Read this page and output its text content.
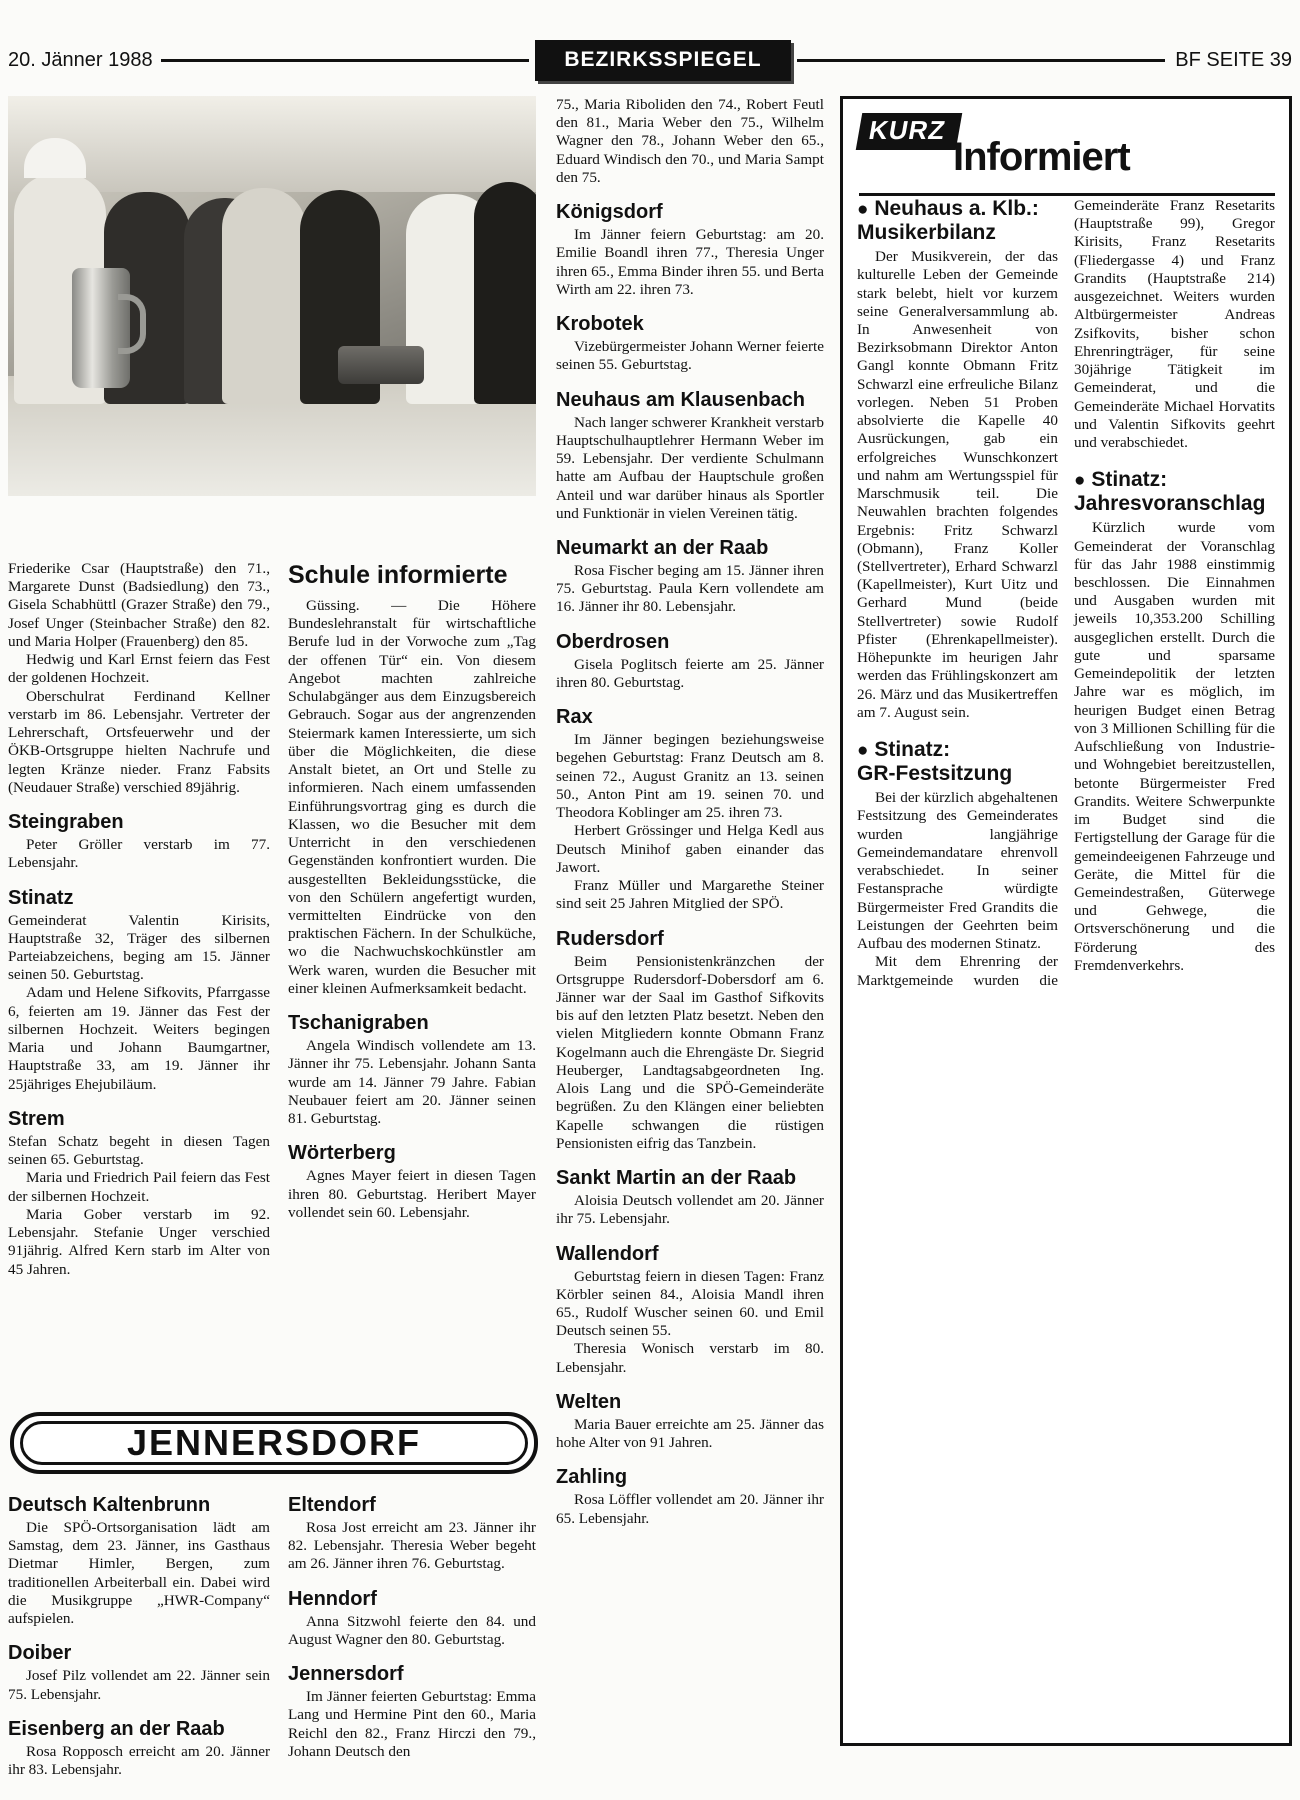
20. Jänner 1988	BEZIRKSSPIEGEL	BF SEITE 39

Friederike Csar (Hauptstraße) den 71., Margarete Dunst (Badsiedlung) den 73., Gisela Schabhüttl (Grazer Straße) den 79., Josef Unger (Steinbacher Straße) den 82. und Maria Holper (Frauenberg) den 85.

Hedwig und Karl Ernst feiern das Fest der goldenen Hochzeit.

Oberschulrat Ferdinand Kellner verstarb im 86. Lebensjahr. Vertreter der Lehrerschaft, Ortsfeuerwehr und der ÖKB-Ortsgruppe hielten Nachrufe und legten Kränze nieder. Franz Fabsits (Neudauer Straße) verschied 89jährig.

Steingraben

Peter Gröller verstarb im 77. Lebensjahr.

Stinatz

Gemeinderat Valentin Kirisits, Hauptstraße 32, Träger des silbernen Parteiabzeichens, beging am 15. Jänner seinen 50. Geburtstag.

Adam und Helene Sifkovits, Pfarrgasse 6, feierten am 19. Jänner das Fest der silbernen Hochzeit. Weiters begingen Maria und Johann Baumgartner, Hauptstraße 33, am 19. Jänner ihr 25jähriges Ehejubiläum.

Strem

Stefan Schatz begeht in diesen Tagen seinen 65. Geburtstag.

Maria und Friedrich Pail feiern das Fest der silbernen Hochzeit.

Maria Gober verstarb im 92. Lebensjahr. Stefanie Unger verschied 91jährig. Alfred Kern starb im Alter von 45 Jahren.

Schule informierte

Güssing. — Die Höhere Bundeslehranstalt für wirtschaftliche Berufe lud in der Vorwoche zum „Tag der offenen Tür“ ein. Von diesem Angebot machten zahlreiche Schulabgänger aus dem Einzugsbereich Gebrauch. Sogar aus der angrenzenden Steiermark kamen Interessierte, um sich über die Möglichkeiten, die diese Anstalt bietet, an Ort und Stelle zu informieren. Nach einem umfassenden Einführungsvortrag ging es durch die Klassen, wo die Besucher mit dem Unterricht in den verschiedenen Gegenständen konfrontiert wurden. Die ausgestellten Bekleidungsstücke, die von den Schülern angefertigt wurden, vermittelten Eindrücke von den praktischen Fächern. In der Schulküche, wo die Nachwuchskochkünstler am Werk waren, wurden die Besucher mit einer kleinen Aufmerksamkeit bedacht.

Tschanigraben

Angela Windisch vollendete am 13. Jänner ihr 75. Lebensjahr. Johann Santa wurde am 14. Jänner 79 Jahre. Fabian Neubauer feiert am 20. Jänner seinen 81. Geburtstag.

Wörterberg

Agnes Mayer feiert in diesen Tagen ihren 80. Geburtstag. Heribert Mayer vollendet sein 60. Lebensjahr.

75., Maria Riboliden den 74., Robert Feutl den 81., Maria Weber den 75., Wilhelm Wagner den 78., Johann Weber den 65., Eduard Windisch den 70., und Maria Sampt den 75.

Königsdorf

Im Jänner feiern Geburtstag: am 20. Emilie Boandl ihren 77., Theresia Unger ihren 65., Emma Binder ihren 55. und Berta Wirth am 22. ihren 73.

Krobotek

Vizebürgermeister Johann Werner feierte seinen 55. Geburtstag.

Neuhaus am Klausenbach

Nach langer schwerer Krankheit verstarb Hauptschulhauptlehrer Hermann Weber im 59. Lebensjahr. Der verdiente Schulmann hatte am Aufbau der Hauptschule großen Anteil und war darüber hinaus als Sportler und Funktionär in vielen Vereinen tätig.

Neumarkt an der Raab

Rosa Fischer beging am 15. Jänner ihren 75. Geburtstag. Paula Kern vollendete am 16. Jänner ihr 80. Lebensjahr.

Oberdrosen

Gisela Poglitsch feierte am 25. Jänner ihren 80. Geburtstag.

Rax

Im Jänner begingen beziehungsweise begehen Geburtstag: Franz Deutsch am 8. seinen 72., August Granitz an 13. seinen 50., Anton Pint am 19. seinen 70. und Theodora Koblinger am 25. ihren 73.

Herbert Grössinger und Helga Kedl aus Deutsch Minihof gaben einander das Jawort.

Franz Müller und Margarethe Steiner sind seit 25 Jahren Mitglied der SPÖ.

Rudersdorf

Beim Pensionistenkränzchen der Ortsgruppe Rudersdorf-Dobersdorf am 6. Jänner war der Saal im Gasthof Sifkovits bis auf den letzten Platz besetzt. Neben den vielen Mitgliedern konnte Obmann Franz Kogelmann auch die Ehrengäste Dr. Siegrid Heuberger, Landtagsabgeordneten Ing. Alois Lang und die SPÖ-Gemeinderäte begrüßen. Zu den Klängen einer beliebten Kapelle schwangen die rüstigen Pensionisten eifrig das Tanzbein.

Sankt Martin an der Raab

Aloisia Deutsch vollendet am 20. Jänner ihr 75. Lebensjahr.

Wallendorf

Geburtstag feiern in diesen Tagen: Franz Körbler seinen 84., Aloisia Mandl ihren 65., Rudolf Wuscher seinen 60. und Emil Deutsch seinen 55.

Theresia Wonisch verstarb im 80. Lebensjahr.

Welten

Maria Bauer erreichte am 25. Jänner das hohe Alter von 91 Jahren.

Zahling

Rosa Löffler vollendet am 20. Jänner ihr 65. Lebensjahr.

JENNERSDORF
Deutsch Kaltenbrunn

Die SPÖ-Ortsorganisation lädt am Samstag, dem 23. Jänner, ins Gasthaus Dietmar Himler, Bergen, zum traditionellen Arbeiterball ein. Dabei wird die Musikgruppe „HWR-Company“ aufspielen.

Doiber

Josef Pilz vollendet am 22. Jänner sein 75. Lebensjahr.

Eisenberg an der Raab

Rosa Ropposch erreicht am 20. Jänner ihr 83. Lebensjahr.

Eltendorf

Rosa Jost erreicht am 23. Jänner ihr 82. Lebensjahr. Theresia Weber begeht am 26. Jänner ihren 76. Geburtstag.

Henndorf

Anna Sitzwohl feierte den 84. und August Wagner den 80. Geburtstag.

Jennersdorf

Im Jänner feierten Geburtstag: Emma Lang und Hermine Pint den 60., Maria Reichl den 82., Franz Hirczi den 79., Johann Deutsch den

KURZ
Informiert
● Neuhaus a. Klb.:
Musikerbilanz

Der Musikverein, der das kulturelle Leben der Gemeinde stark belebt, hielt vor kurzem seine Generalversammlung ab. In Anwesenheit von Bezirksobmann Direktor Anton Gangl konnte Obmann Fritz Schwarzl eine erfreuliche Bilanz vorlegen. Neben 51 Proben absolvierte die Kapelle 40 Ausrückungen, gab ein erfolgreiches Wunschkonzert und nahm am Wertungsspiel für Marschmusik teil. Die Neuwahlen brachten folgendes Ergebnis: Fritz Schwarzl (Obmann), Franz Koller (Stellvertreter), Erhard Schwarzl (Kapellmeister), Kurt Uitz und Gerhard Mund (beide Stellvertreter) sowie Rudolf Pfister (Ehrenkapellmeister). Höhepunkte im heurigen Jahr werden das Frühlingskonzert am 26. März und das Musikertreffen am 7. August sein.

● Stinatz:
GR-Festsitzung

Bei der kürzlich abgehaltenen Festsitzung des Gemeinderates wurden langjährige Gemeindemandatare ehrenvoll verabschiedet. In seiner Festansprache würdigte Bürgermeister Fred Grandits die Leistungen der Geehrten beim Aufbau des modernen Stinatz.

Mit dem Ehrenring der Marktgemeinde wurden die Gemeinderäte Franz Resetarits (Hauptstraße 99), Gregor Kirisits, Franz Resetarits (Fliedergasse 4) und Franz Grandits (Hauptstraße 214) ausgezeichnet. Weiters wurden Altbürgermeister Andreas Zsifkovits, bisher schon Ehrenringträger, für seine 30jährige Tätigkeit im Gemeinderat, und die Gemeinderäte Michael Horvatits und Valentin Sifkovits geehrt und verabschiedet.

● Stinatz:
Jahresvoranschlag

Kürzlich wurde vom Gemeinderat der Voranschlag für das Jahr 1988 einstimmig beschlossen. Die Einnahmen und Ausgaben wurden mit jeweils 10,353.200 Schilling ausgeglichen erstellt. Durch die gute und sparsame Gemeindepolitik der letzten Jahre war es möglich, im heurigen Budget einen Betrag von 3 Millionen Schilling für die Aufschließung von Industrie- und Wohngebiet bereitzustellen, betonte Bürgermeister Fred Grandits. Weitere Schwerpunkte im Budget sind die Fertigstellung der Garage für die gemeindeeigenen Fahrzeuge und Geräte, die Mittel für die Gemeindestraßen, Güterwege und Gehwege, die Ortsverschönerung und die Förderung des Fremdenverkehrs.
